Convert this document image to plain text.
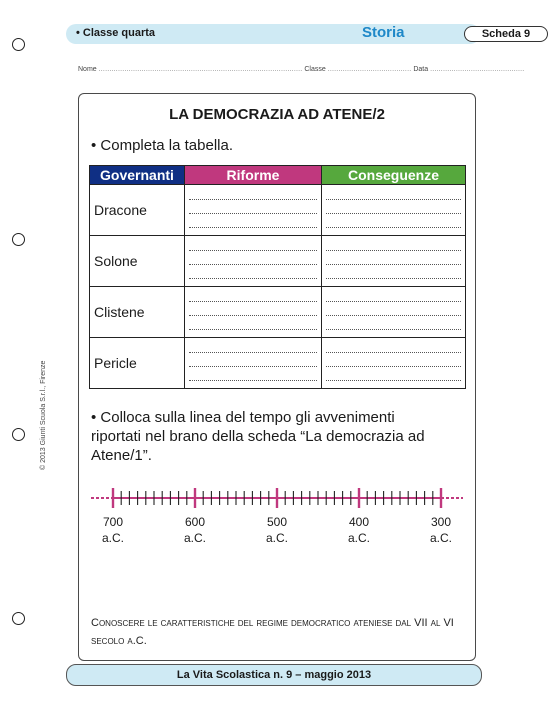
• Classe quarta	Storia	Scheda 9
Nome ............................................................................................... Classe ....................................... Data ............................................
LA DEMOCRAZIA AD ATENE/2
• Completa la tabella.
Governanti	Riforme	Conseguenze
Dracone	

Solone	

Clistene	

Pericle	

• Colloca sulla linea del tempo gli avvenimenti riportati nel brano della scheda “La democrazia ad Atene/1”.
700
a.C.
600
a.C.
500
a.C.
400
a.C.
300
a.C.
Conoscere le caratteristiche del regime democratico ateniese dal VII al VI secolo a.C.
© 2013 Giunti Scuola S.r.l., Firenze
La Vita Scolastica n. 9 – maggio 2013
